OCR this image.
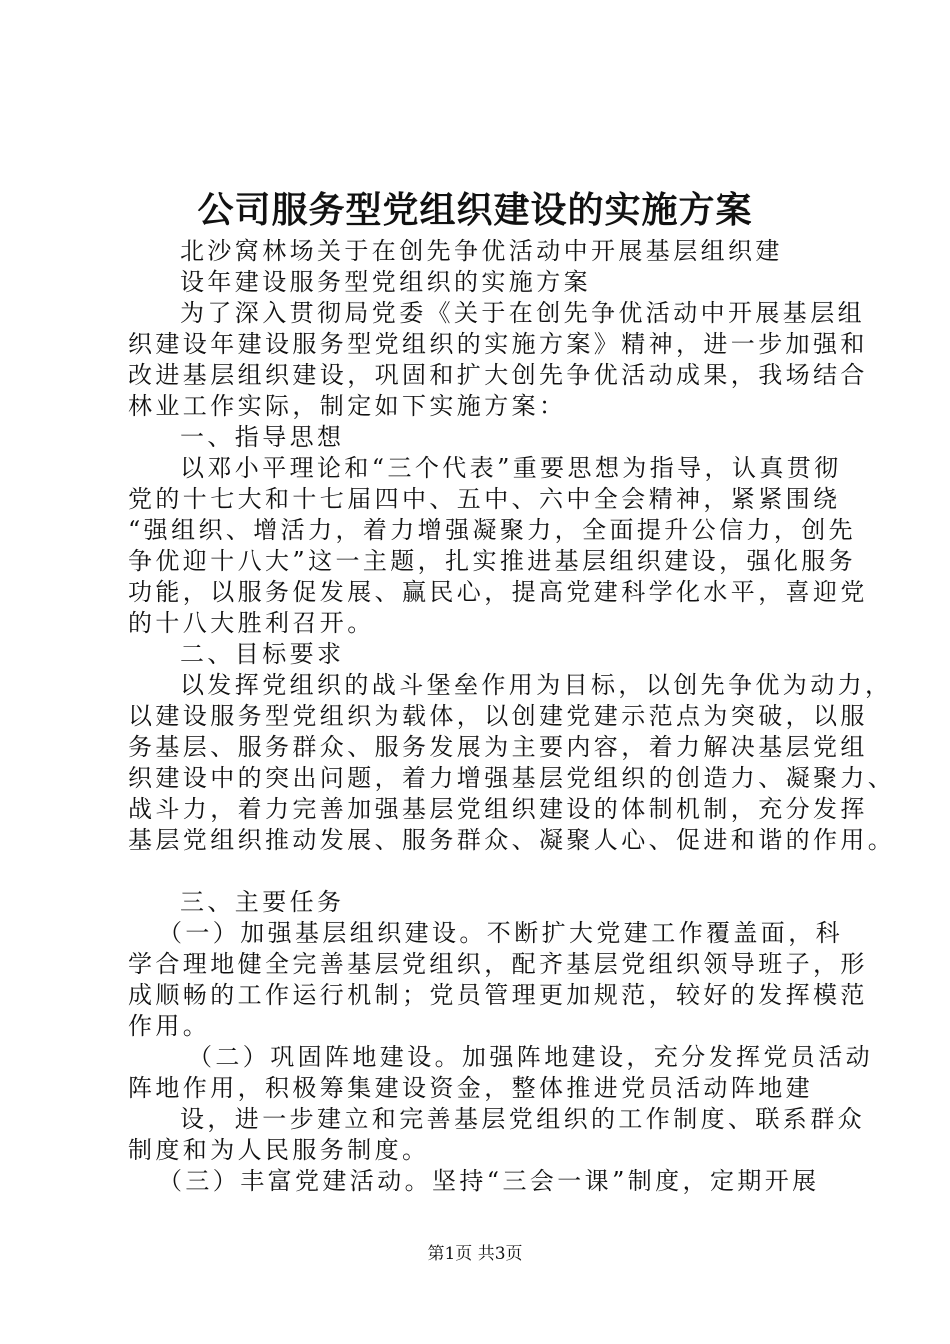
公司服务型党组织建设的实施方案

北沙窝林场关于在创先争优活动中开展基层组织建

设年建设服务型党组织的实施方案

为了深入贯彻局党委《关于在创先争优活动中开展基层组

织建设年建设服务型党组织的实施方案》精神，进一步加强和

改进基层组织建设，巩固和扩大创先争优活动成果，我场结合

林业工作实际，制定如下实施方案：

一、指导思想

以邓小平理论和“三个代表”重要思想为指导，认真贯彻

党的十七大和十七届四中、五中、六中全会精神，紧紧围绕

“强组织、增活力，着力增强凝聚力，全面提升公信力，创先

争优迎十八大”这一主题，扎实推进基层组织建设，强化服务

功能，以服务促发展、赢民心，提高党建科学化水平，喜迎党

的十八大胜利召开。

二、目标要求

以发挥党组织的战斗堡垒作用为目标，以创先争优为动力，

以建设服务型党组织为载体，以创建党建示范点为突破，以服

务基层、服务群众、服务发展为主要内容，着力解决基层党组

织建设中的突出问题，着力增强基层党组织的创造力、凝聚力、

战斗力，着力完善加强基层党组织建设的体制机制，充分发挥

基层党组织推动发展、服务群众、凝聚人心、促进和谐的作用。

三、主要任务

（一）加强基层组织建设。不断扩大党建工作覆盖面，科

学合理地健全完善基层党组织，配齐基层党组织领导班子，形

成顺畅的工作运行机制；党员管理更加规范，较好的发挥模范

作用。

（二）巩固阵地建设。加强阵地建设，充分发挥党员活动

阵地作用，积极筹集建设资金，整体推进党员活动阵地建

设，进一步建立和完善基层党组织的工作制度、联系群众

制度和为人民服务制度。

（三）丰富党建活动。坚持“三会一课”制度，定期开展

第1页 共3页
